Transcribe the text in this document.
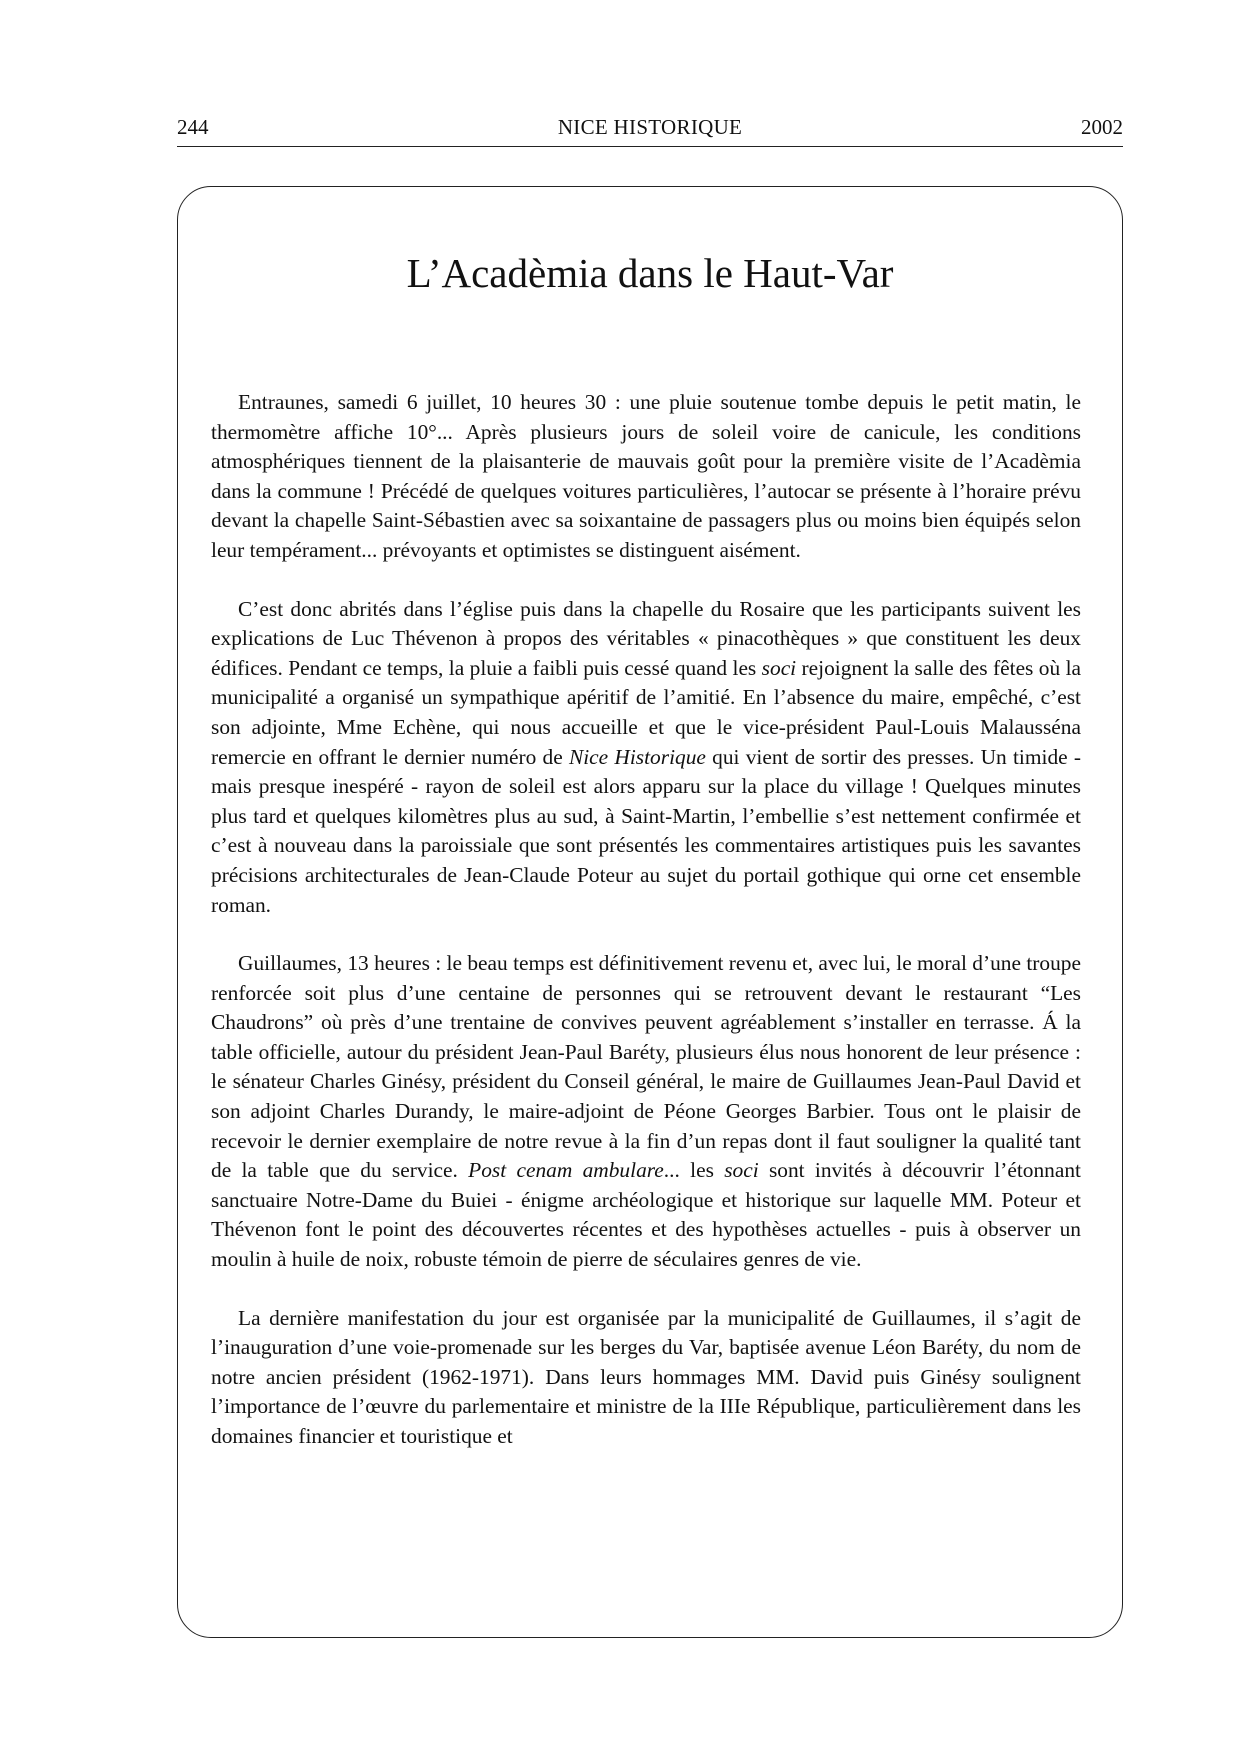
244	NICE HISTORIQUE	2002
L’Acadèmia dans le Haut-Var

Entraunes, samedi 6 juillet, 10 heures 30 : une pluie soutenue tombe depuis le petit matin, le thermomètre affiche 10°... Après plusieurs jours de soleil voire de canicule, les conditions atmosphériques tiennent de la plaisanterie de mauvais goût pour la première visite de l’Acadèmia dans la commune ! Précédé de quelques voitures particulières, l’autocar se présente à l’horaire prévu devant la chapelle Saint-Sébastien avec sa soixantaine de passagers plus ou moins bien équipés selon leur tempérament... prévoyants et optimistes se distinguent aisément.

C’est donc abrités dans l’église puis dans la chapelle du Rosaire que les participants suivent les explications de Luc Thévenon à propos des véritables « pinacothèques » que constituent les deux édifices. Pendant ce temps, la pluie a faibli puis cessé quand les soci rejoignent la salle des fêtes où la municipalité a organisé un sympathique apéritif de l’amitié. En l’absence du maire, empêché, c’est son adjointe, Mme Echène, qui nous accueille et que le vice-président Paul-Louis Malausséna remercie en offrant le dernier numéro de Nice Historique qui vient de sortir des presses. Un timide - mais presque inespéré - rayon de soleil est alors apparu sur la place du village ! Quelques minutes plus tard et quelques kilomètres plus au sud, à Saint-Martin, l’embellie s’est nettement confirmée et c’est à nouveau dans la paroissiale que sont présentés les commentaires artistiques puis les savantes précisions architecturales de Jean-Claude Poteur au sujet du portail gothique qui orne cet ensemble roman.

Guillaumes, 13 heures : le beau temps est définitivement revenu et, avec lui, le moral d’une troupe renforcée soit plus d’une centaine de personnes qui se retrouvent devant le restaurant “Les Chaudrons” où près d’une trentaine de convives peuvent agréablement s’installer en terrasse. Á la table officielle, autour du président Jean-Paul Baréty, plusieurs élus nous honorent de leur présence : le sénateur Charles Ginésy, président du Conseil général, le maire de Guillaumes Jean-Paul David et son adjoint Charles Durandy, le maire-adjoint de Péone Georges Barbier. Tous ont le plaisir de recevoir le dernier exemplaire de notre revue à la fin d’un repas dont il faut souligner la qualité tant de la table que du service. Post cenam ambulare... les soci sont invités à découvrir l’étonnant sanctuaire Notre-Dame du Buiei - énigme archéologique et historique sur laquelle MM. Poteur et Thévenon font le point des découvertes récentes et des hypothèses actuelles - puis à observer un moulin à huile de noix, robuste témoin de pierre de séculaires genres de vie.

La dernière manifestation du jour est organisée par la municipalité de Guillaumes, il s’agit de l’inauguration d’une voie-promenade sur les berges du Var, baptisée avenue Léon Baréty, du nom de notre ancien président (1962-1971). Dans leurs hommages MM. David puis Ginésy soulignent l’importance de l’œuvre du parlementaire et ministre de la IIIe République, particulièrement dans les domaines financier et touristique et
